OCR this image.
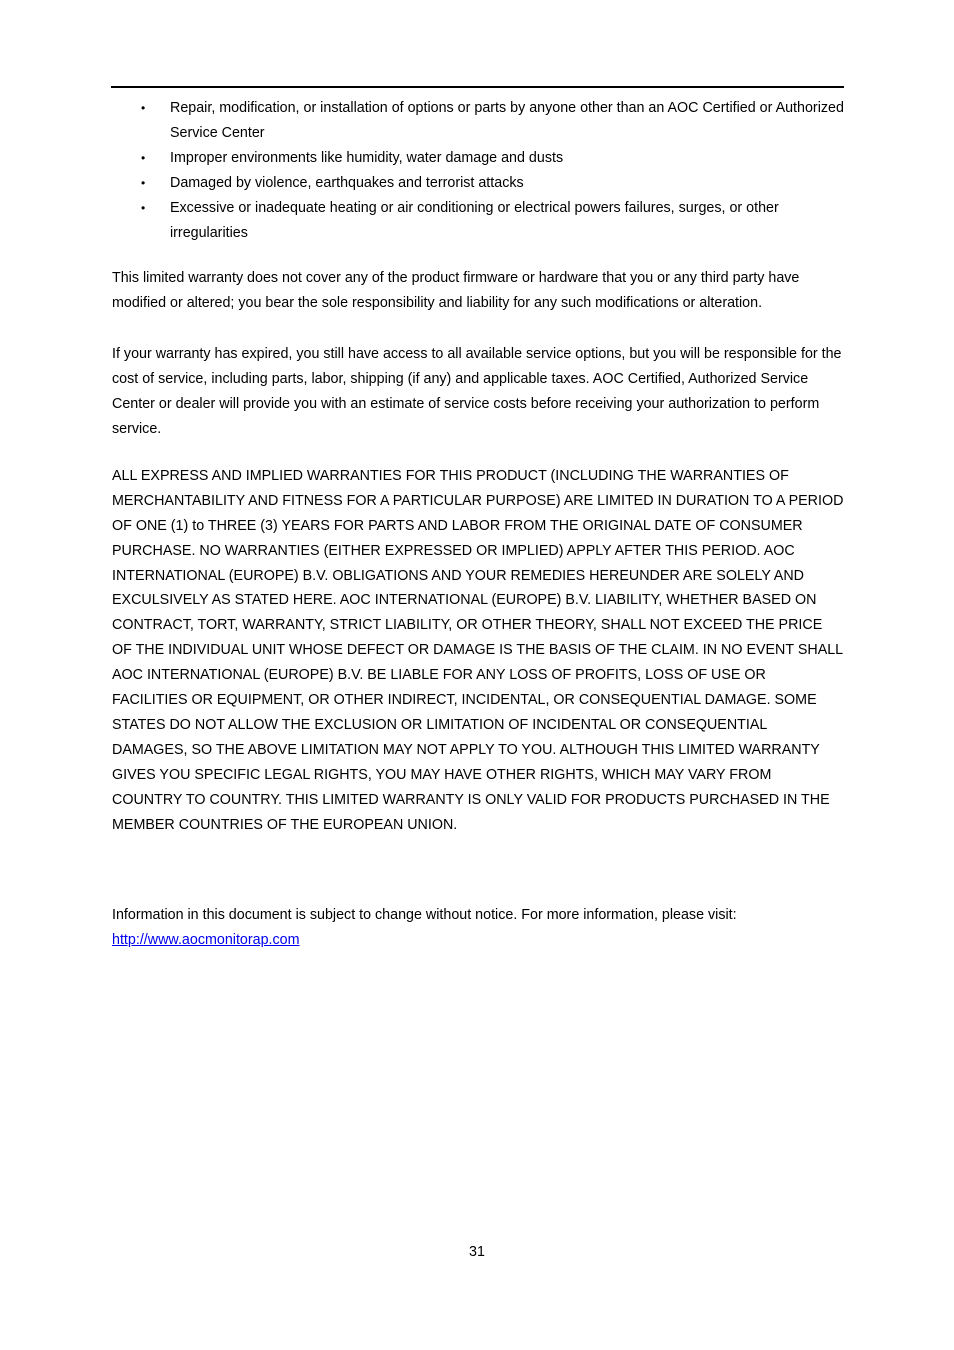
• Repair, modification, or installation of options or parts by anyone other than an AOC Certified or Authorized Service Center
• Improper environments like humidity, water damage and dusts
• Damaged by violence, earthquakes and terrorist attacks
• Excessive or inadequate heating or air conditioning or electrical powers failures, surges, or other irregularities

This limited warranty does not cover any of the product firmware or hardware that you or any third party have modified or altered; you bear the sole responsibility and liability for any such modifications or alteration.

If your warranty has expired, you still have access to all available service options, but you will be responsible for the cost of service, including parts, labor, shipping (if any) and applicable taxes. AOC Certified, Authorized Service Center or dealer will provide you with an estimate of service costs before receiving your authorization to perform service.

ALL EXPRESS AND IMPLIED WARRANTIES FOR THIS PRODUCT (INCLUDING THE WARRANTIES OF MERCHANTABILITY AND FITNESS FOR A PARTICULAR PURPOSE) ARE LIMITED IN DURATION TO A PERIOD OF ONE (1) to THREE (3) YEARS FOR PARTS AND LABOR FROM THE ORIGINAL DATE OF CONSUMER PURCHASE. NO WARRANTIES (EITHER EXPRESSED OR IMPLIED) APPLY AFTER THIS PERIOD. AOC INTERNATIONAL (EUROPE) B.V. OBLIGATIONS AND YOUR REMEDIES HEREUNDER ARE SOLELY AND EXCULSIVELY AS STATED HERE. AOC INTERNATIONAL (EUROPE) B.V. LIABILITY, WHETHER BASED ON CONTRACT, TORT, WARRANTY, STRICT LIABILITY, OR OTHER THEORY, SHALL NOT EXCEED THE PRICE OF THE INDIVIDUAL UNIT WHOSE DEFECT OR DAMAGE IS THE BASIS OF THE CLAIM. IN NO EVENT SHALL AOC INTERNATIONAL (EUROPE) B.V. BE LIABLE FOR ANY LOSS OF PROFITS, LOSS OF USE OR FACILITIES OR EQUIPMENT, OR OTHER INDIRECT, INCIDENTAL, OR CONSEQUENTIAL DAMAGE. SOME STATES DO NOT ALLOW THE EXCLUSION OR LIMITATION OF INCIDENTAL OR CONSEQUENTIAL DAMAGES, SO THE ABOVE LIMITATION MAY NOT APPLY TO YOU. ALTHOUGH THIS LIMITED WARRANTY GIVES YOU SPECIFIC LEGAL RIGHTS, YOU MAY HAVE OTHER RIGHTS, WHICH MAY VARY FROM COUNTRY TO COUNTRY. THIS LIMITED WARRANTY IS ONLY VALID FOR PRODUCTS PURCHASED IN THE MEMBER COUNTRIES OF THE EUROPEAN UNION.

Information in this document is subject to change without notice. For more information, please visit:
http://www.aocmonitorap.com

31
